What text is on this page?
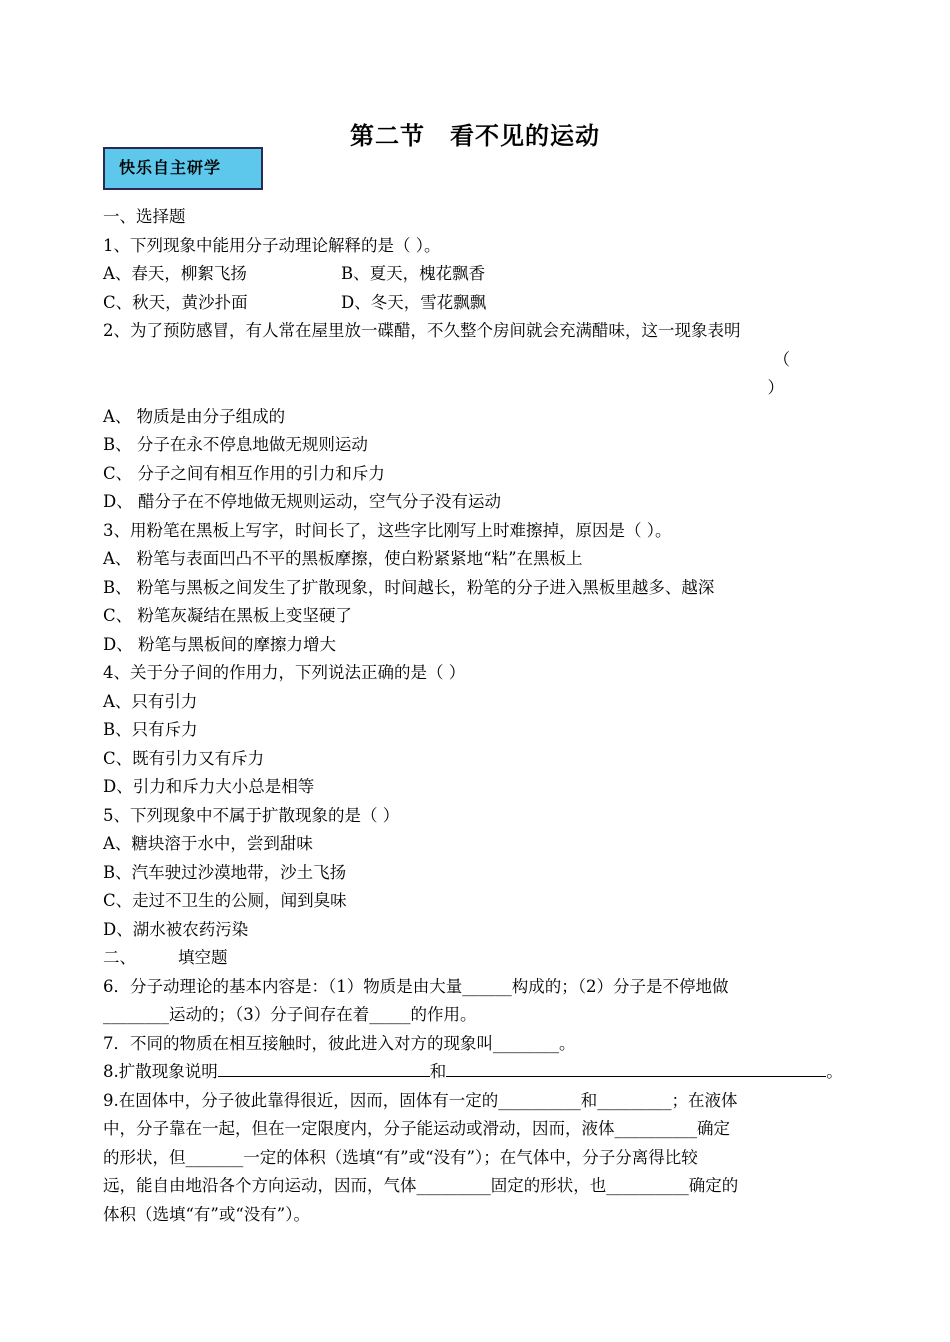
第二节　看不见的运动
快乐自主研学
一、选择题
1、下列现象中能用分子动理论解释的是（ ）。
A、春天，柳絮飞扬	B、夏天，槐花飘香
C、秋天，黄沙扑面	D、冬天，雪花飘飘
2、为了预防感冒，有人常在屋里放一碟醋，不久整个房间就会充满醋味，这一现象表明
（
）
A、 物质是由分子组成的
B、 分子在永不停息地做无规则运动
C、 分子之间有相互作用的引力和斥力
D、 醋分子在不停地做无规则运动，空气分子没有运动
3、用粉笔在黑板上写字，时间长了，这些字比刚写上时难擦掉，原因是（ ）。
A、 粉笔与表面凹凸不平的黑板摩擦，使白粉紧紧地“粘”在黑板上
B、 粉笔与黑板之间发生了扩散现象，时间越长，粉笔的分子进入黑板里越多、越深
C、 粉笔灰凝结在黑板上变坚硬了
D、 粉笔与黑板间的摩擦力增大
4、关于分子间的作用力，下列说法正确的是（ ）
A、只有引力
B、只有斥力
C、既有引力又有斥力
D、引力和斥力大小总是相等
5、下列现象中不属于扩散现象的是（ ）
A、糖块溶于水中，尝到甜味
B、汽车驶过沙漠地带，沙土飞扬
C、走过不卫生的公厕，闻到臭味
D、湖水被农药污染
二、        填空题
6．分子动理论的基本内容是：（1）物质是由大量______构成的；（2）分子是不停地做
________运动的；（3）分子间存在着_____的作用。
7．不同的物质在相互接触时，彼此进入对方的现象叫________。
8.扩散现象说明	和	。
9.在固体中，分子彼此靠得很近，因而，固体有一定的__________和_________；在液体
中，分子靠在一起，但在一定限度内，分子能运动或滑动，因而，液体__________确定
的形状，但_______一定的体积（选填“有”或“没有”）；在气体中，分子分离得比较
远，能自由地沿各个方向运动，因而，气体_________固定的形状，也__________确定的
体积（选填“有”或“没有”）。
